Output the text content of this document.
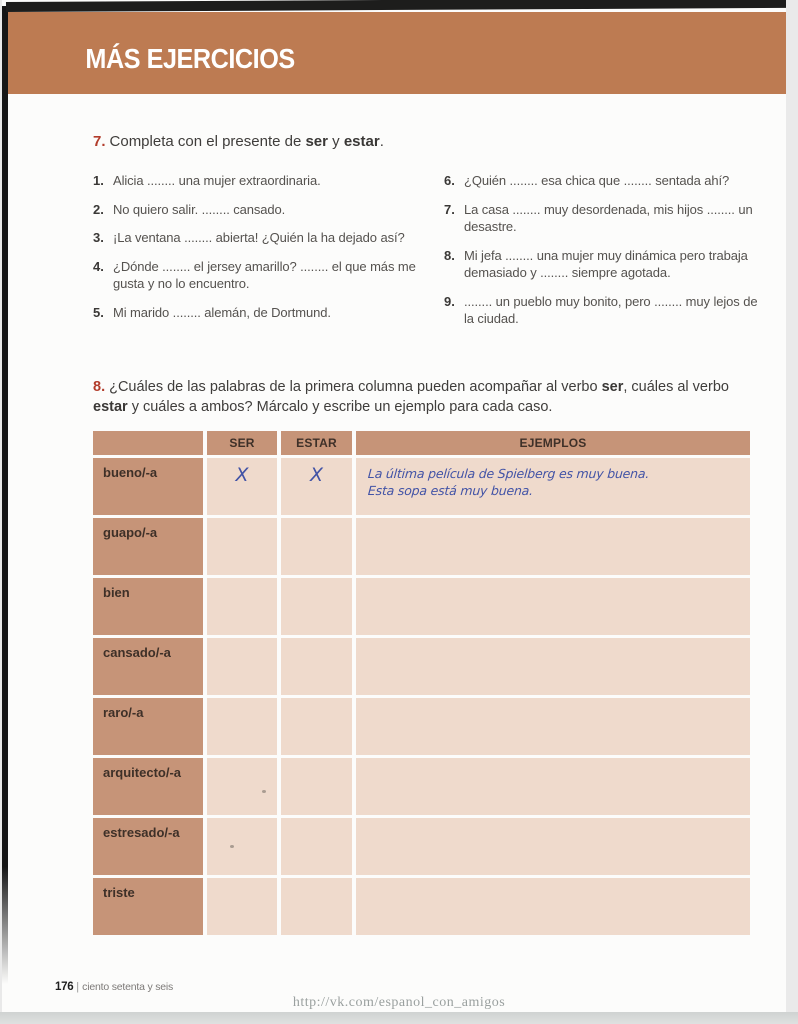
MÁS EJERCICIOS
7. Completa con el presente de ser y estar.
1. Alicia ........ una mujer extraordinaria.
2. No quiero salir. ........ cansado.
3. ¡La ventana ........ abierta! ¿Quién la ha dejado así?
4. ¿Dónde ........ el jersey amarillo? ........ el que más me gusta y no lo encuentro.
5. Mi marido ........ alemán, de Dortmund.
6. ¿Quién ........ esa chica que ........ sentada ahí?
7. La casa ........ muy desordenada, mis hijos ........ un desastre.
8. Mi jefa ........ una mujer muy dinámica pero trabaja demasiado y ........ siempre agotada.
9. ........ un pueblo muy bonito, pero ........ muy lejos de la ciudad.
8. ¿Cuáles de las palabras de la primera columna pueden acompañar al verbo ser, cuáles al verbo estar y cuáles a ambos? Márcalo y escribe un ejemplo para cada caso.
SER	ESTAR	EJEMPLOS
bueno/-a	X	X	La última película de Spielberg es muy buena.
Esta sopa está muy buena.
guapo/-a
bien
cansado/-a
raro/-a
arquitecto/-a
estresado/-a
triste
176 | ciento setenta y seis
http://vk.com/espanol_con_amigos
